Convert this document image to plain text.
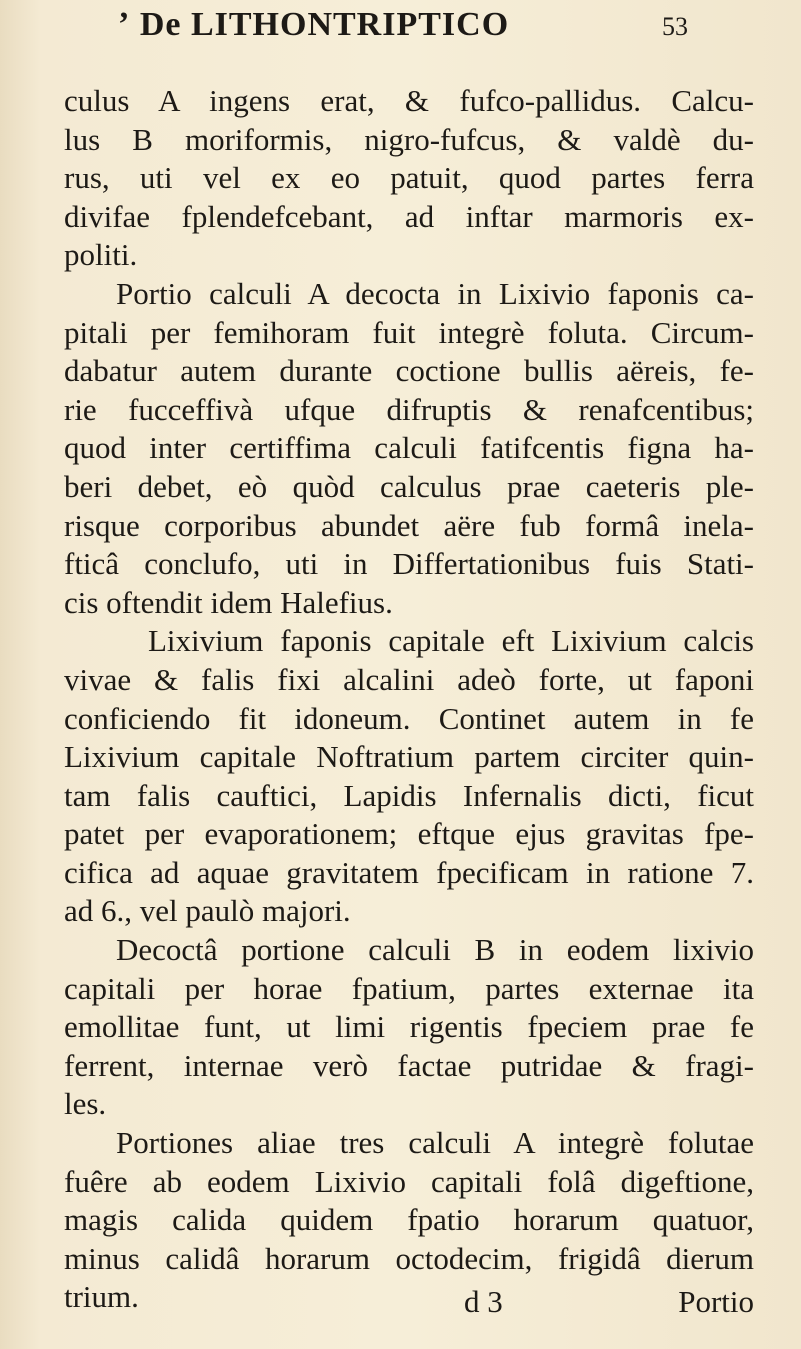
ʼ De LITHONTRIPTICO	53
culus A ingens erat, & fufco-pallidus. Calcu-
lus B moriformis, nigro-fufcus, & valdè du-
rus, uti vel ex eo patuit, quod partes ferra
divifae fplendefcebant, ad inftar marmoris ex-
politi.
Portio calculi A decocta in Lixivio faponis ca-
pitali per femihoram fuit integrè foluta. Circum-
dabatur autem durante coctione bullis aëreis, fe-
rie fucceffivà ufque difruptis & renafcentibus;
quod inter certiffima calculi fatifcentis figna ha-
beri debet, eò quòd calculus prae caeteris ple-
risque corporibus abundet aëre fub formâ inela-
fticâ conclufo, uti in Differtationibus fuis Stati-
cis oftendit idem Halefius.
Lixivium faponis capitale eft Lixivium calcis
vivae & falis fixi alcalini adeò forte, ut faponi
conficiendo fit idoneum. Continet autem in fe
Lixivium capitale Noftratium partem circiter quin-
tam falis cauftici, Lapidis Infernalis dicti, ficut
patet per evaporationem; eftque ejus gravitas fpe-
cifica ad aquae gravitatem fpecificam in ratione 7.
ad 6., vel paulò majori.
Decoctâ portione calculi B in eodem lixivio
capitali per horae fpatium, partes externae ita
emollitae funt, ut limi rigentis fpeciem prae fe
ferrent, internae verò factae putridae & fragi-
les.
Portiones aliae tres calculi A integrè folutae
fuêre ab eodem Lixivio capitali folâ digeftione,
magis calida quidem fpatio horarum quatuor,
minus calidâ horarum octodecim, frigidâ dierum
trium.	d 3	Portio
